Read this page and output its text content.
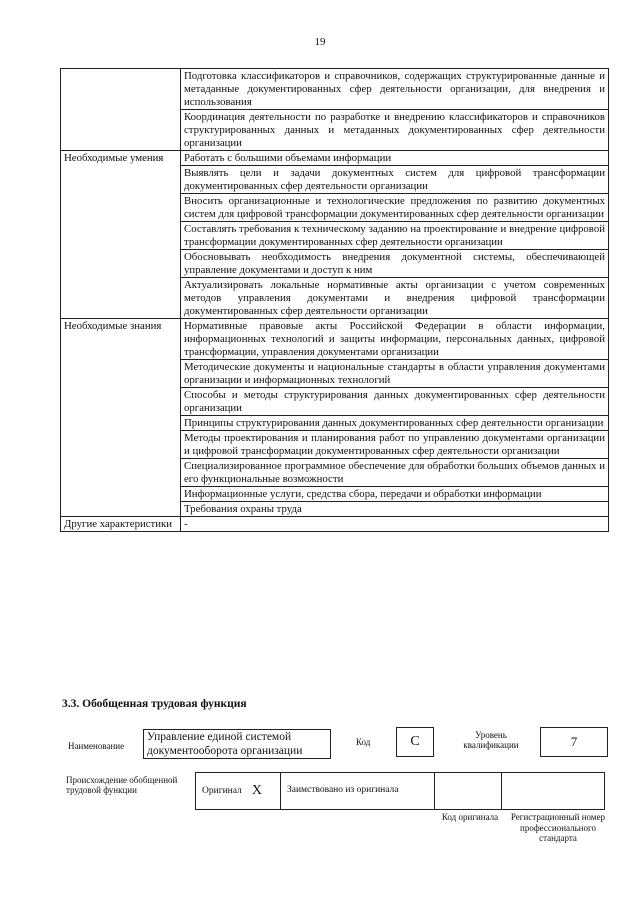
19
	Подготовка классификаторов и справочников, содержащих структурированные данные и метаданные документированных сфер деятельности организации, для внедрения и использования
	Координация деятельности по разработке и внедрению классификаторов и справочников структурированных данных и метаданных документированных сфер деятельности организации
Необходимые умения	Работать с большими объемами информации
	Выявлять цели и задачи документных систем для цифровой трансформации документированных сфер деятельности организации
	Вносить организационные и технологические предложения по развитию документных систем для цифровой трансформации документированных сфер деятельности организации
	Составлять требования к техническому заданию на проектирование и внедрение цифровой трансформации документированных сфер деятельности организации
	Обосновывать необходимость внедрения документной системы, обеспечивающей управление документами и доступ к ним
	Актуализировать локальные нормативные акты организации с учетом современных методов управления документами и внедрения цифровой трансформации документированных сфер деятельности организации
Необходимые знания	Нормативные правовые акты Российской Федерации в области информации, информационных технологий и защиты информации, персональных данных, цифровой трансформации, управления документами организации
	Методические документы и национальные стандарты в области управления документами организации и информационных технологий
	Способы и методы структурирования данных документированных сфер деятельности организации
	Принципы структурирования данных документированных сфер деятельности организации
	Методы проектирования и планирования работ по управлению документами организации и цифровой трансформации документированных сфер деятельности организации
	Специализированное программное обеспечение для обработки больших объемов данных и его функциональные возможности
	Информационные услуги, средства сбора, передачи и обработки информации
	Требования охраны труда
Другие характеристики	-
3.3. Обобщенная трудовая функция
Наименование
Управление единой системой документооборота организации
Код	C	Уровень квалификации	7
Происхождение обобщенной трудовой функции	Оригинал X	Заимствовано из оригинала
Код оригинала	Регистрационный номер профессионального стандарта
